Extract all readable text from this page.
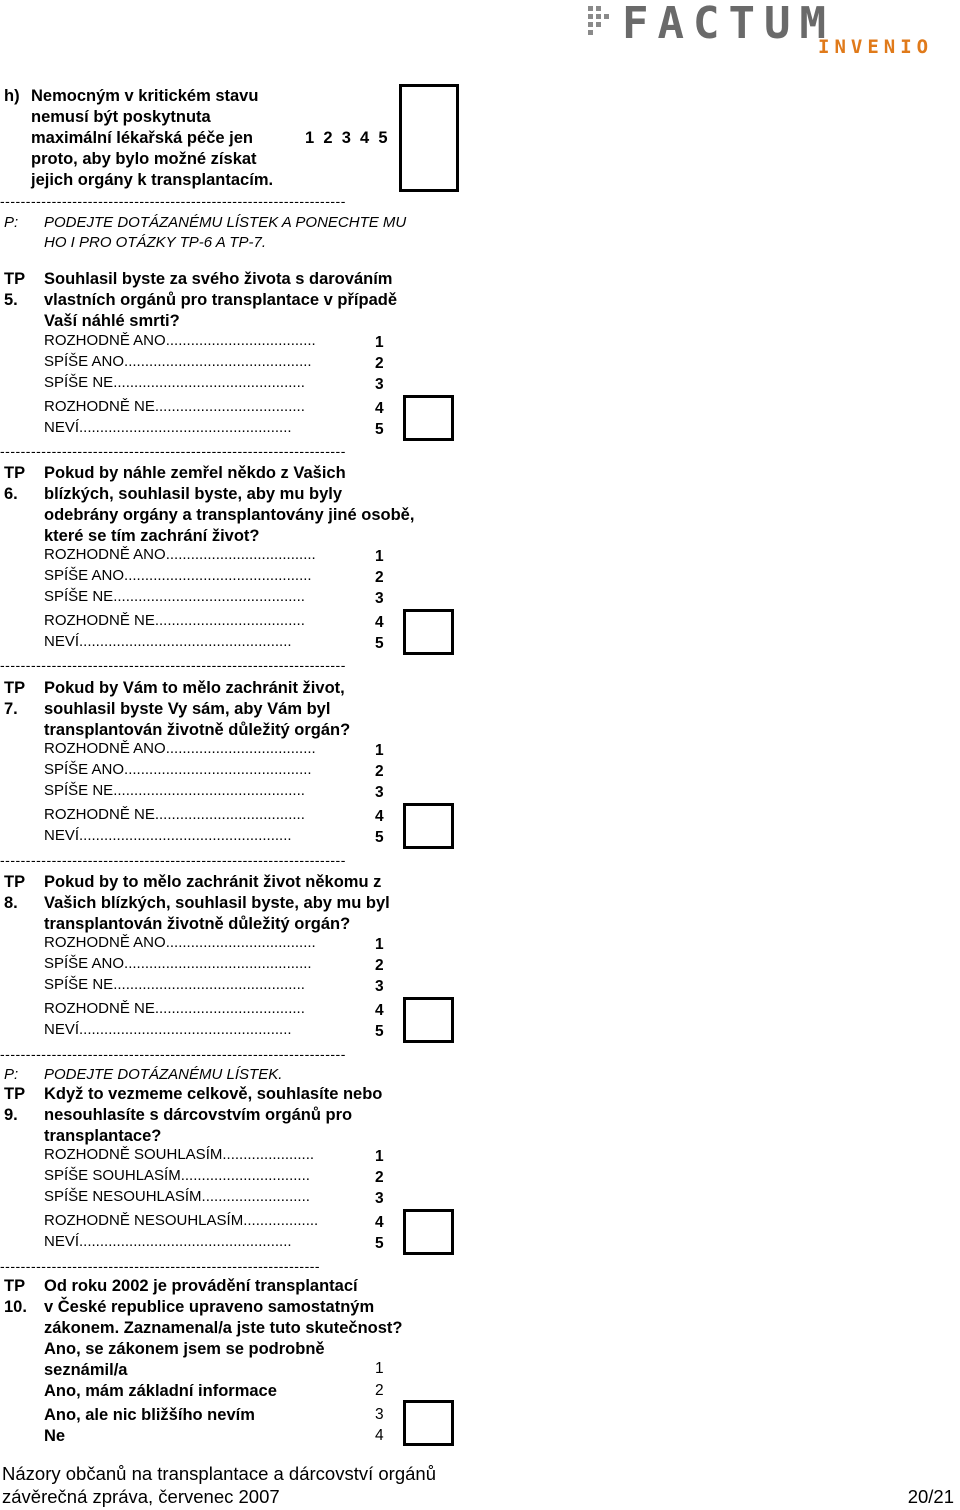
FACTUM
INVENIO
h) Nemocným v kritickém stavu
nemusí být poskytnuta
maximální lékařská péče jen
proto, aby bylo možné získat
jejich orgány k transplantacím.
1  2  3  4  5
-------------------------------------------------------------------
P: PODEJTE DOTÁZANÉMU LÍSTEK A PONECHTE MU
HO I PRO OTÁZKY TP-6 A TP-7.
TP
5.
Souhlasil byste za svého života s darováním
vlastních orgánů pro transplantace v případě
Vaší náhlé smrti?
ROZHODNĚ ANO....................................	1
SPÍŠE ANO.............................................	2
SPÍŠE NE..............................................	3
ROZHODNĚ NE....................................	4
NEVÍ...................................................	5
-------------------------------------------------------------------
TP
6.
Pokud by náhle zemřel někdo z Vašich
blízkých, souhlasil byste, aby mu byly
odebrány orgány a transplantovány jiné osobě,
které se tím zachrání život?
ROZHODNĚ ANO....................................	1
SPÍŠE ANO.............................................	2
SPÍŠE NE..............................................	3
ROZHODNĚ NE....................................	4
NEVÍ...................................................	5
-------------------------------------------------------------------
TP
7.
Pokud by Vám to mělo zachránit život,
souhlasil byste Vy sám, aby Vám byl
transplantován životně důležitý orgán?
ROZHODNĚ ANO....................................	1
SPÍŠE ANO.............................................	2
SPÍŠE NE..............................................	3
ROZHODNĚ NE....................................	4
NEVÍ...................................................	5
-------------------------------------------------------------------
TP
8.
Pokud by to mělo zachránit život někomu z
Vašich blízkých, souhlasil byste, aby mu byl
transplantován životně důležitý orgán?
ROZHODNĚ ANO....................................	1
SPÍŠE ANO.............................................	2
SPÍŠE NE..............................................	3
ROZHODNĚ NE....................................	4
NEVÍ...................................................	5
-------------------------------------------------------------------
P: PODEJTE DOTÁZANÉMU LÍSTEK.
TP
9.
Když to vezmeme celkově, souhlasíte nebo
nesouhlasíte s dárcovstvím orgánů pro
transplantace?
ROZHODNĚ SOUHLASÍM......................	1
SPÍŠE SOUHLASÍM...............................	2
SPÍŠE NESOUHLASÍM..........................	3
ROZHODNĚ NESOUHLASÍM..................	4
NEVÍ...................................................	5
--------------------------------------------------------------
TP
10.
Od roku 2002 je provádění transplantací
v České republice upraveno samostatným
zákonem. Zaznamenal/a jste tuto skutečnost?
Ano, se zákonem jsem se podrobně
seznámil/a	1
Ano, mám základní informace	2
Ano, ale nic bližšího nevím	3
Ne	4
Názory občanů na transplantace a dárcovství orgánů
závěrečná zpráva, červenec 2007	20/21
